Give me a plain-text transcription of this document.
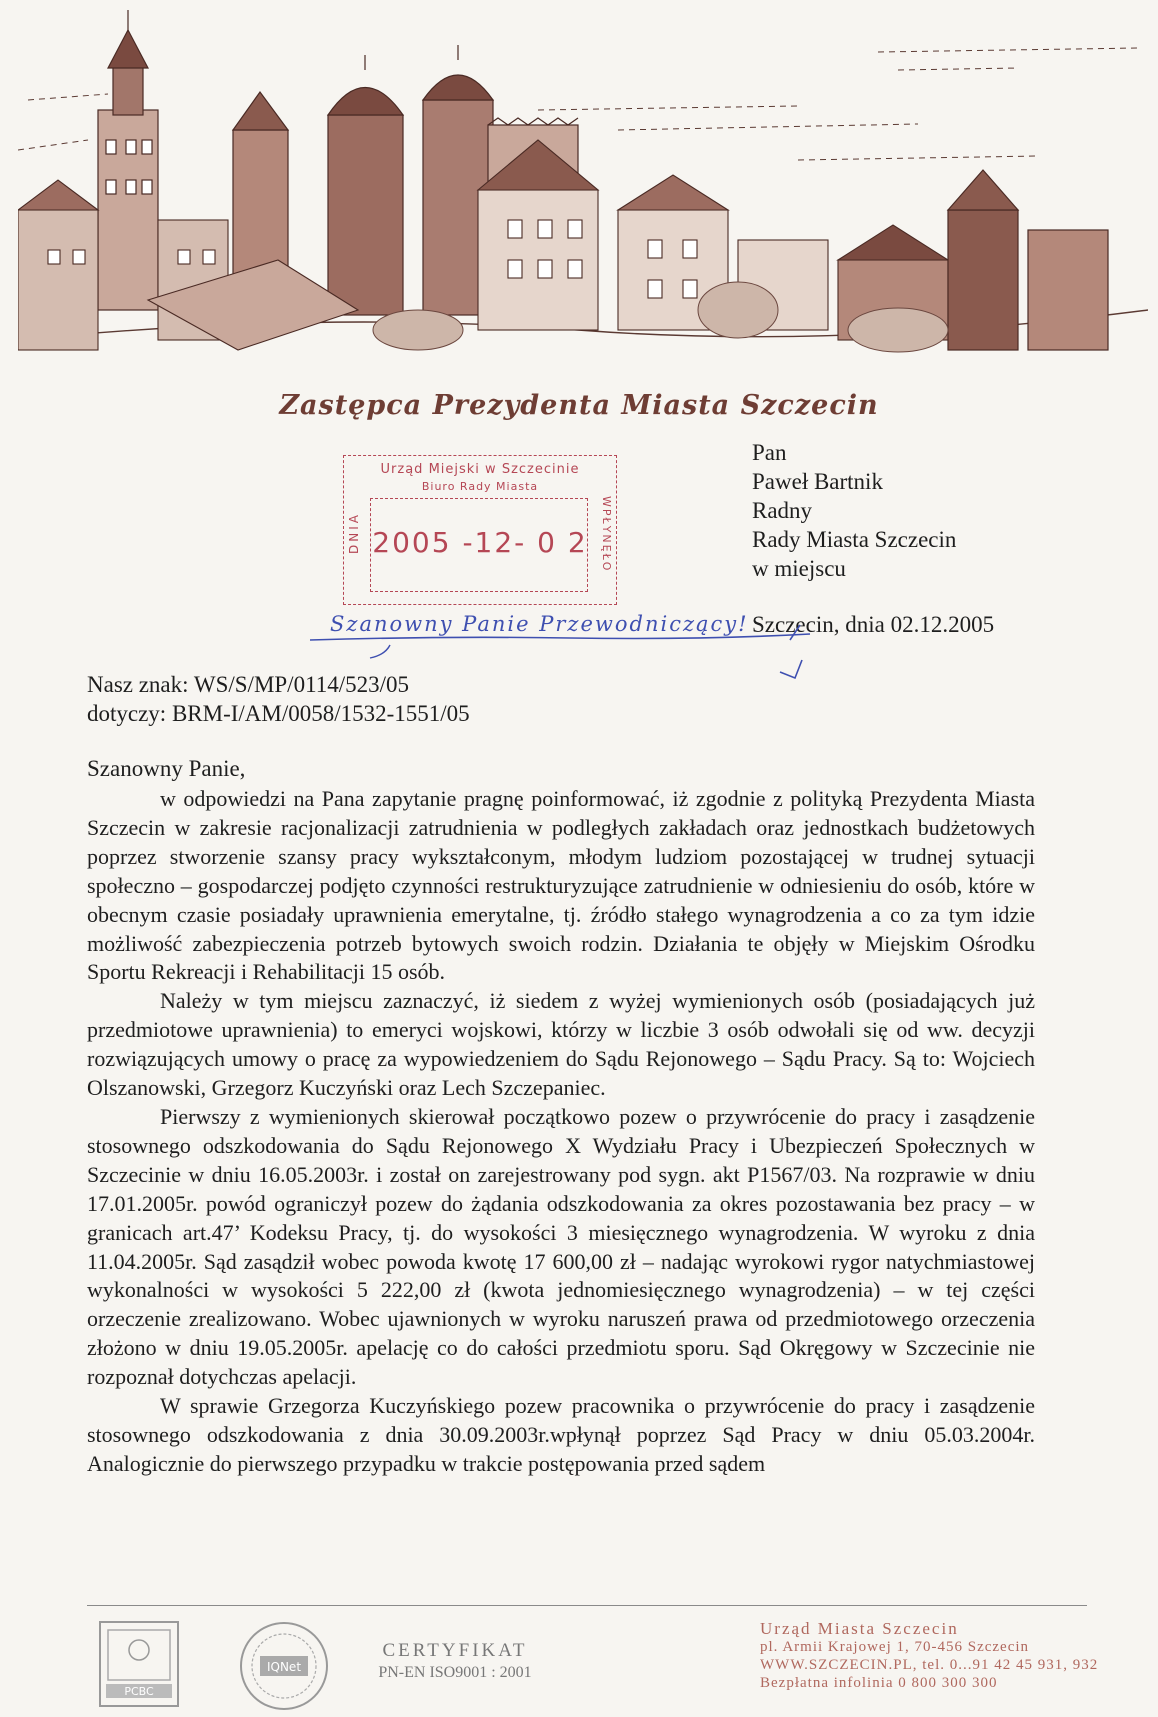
Zastępca Prezydenta Miasta Szczecin
Urząd Miejski w Szczecinie
Biuro Rady Miasta
DNIA 2005 -12- 0 2	WPŁYNĘŁO
Pan
Paweł Bartnik
Radny
Rady Miasta Szczecin
w miejscu
Szczecin, dnia 02.12.2005
Szanowny Panie Przewodniczący!
Nasz znak: WS/S/MP/0114/523/05
dotyczy: BRM-I/AM/0058/1532-1551/05
Szanowny Panie,

w odpowiedzi na Pana zapytanie pragnę poinformować, iż zgodnie z polityką Prezydenta Miasta Szczecin w zakresie racjonalizacji zatrudnienia w podległych zakładach oraz jednostkach budżetowych poprzez stworzenie szansy pracy wykształconym, młodym ludziom pozostającej w trudnej sytuacji społeczno – gospodarczej podjęto czynności restrukturyzujące zatrudnienie w odniesieniu do osób, które w obecnym czasie posiadały uprawnienia emerytalne, tj. źródło stałego wynagrodzenia a co za tym idzie możliwość zabezpieczenia potrzeb bytowych swoich rodzin. Działania te objęły w Miejskim Ośrodku Sportu Rekreacji i Rehabilitacji 15 osób.

Należy w tym miejscu zaznaczyć, iż siedem z wyżej wymienionych osób (posiadających już przedmiotowe uprawnienia) to emeryci wojskowi, którzy w liczbie 3 osób odwołali się od ww. decyzji rozwiązujących umowy o pracę za wypowiedzeniem do Sądu Rejonowego – Sądu Pracy. Są to: Wojciech Olszanowski, Grzegorz Kuczyński oraz Lech Szczepaniec.

Pierwszy z wymienionych skierował początkowo pozew o przywrócenie do pracy i zasądzenie stosownego odszkodowania do Sądu Rejonowego X Wydziału Pracy i Ubezpieczeń Społecznych w Szczecinie w dniu 16.05.2003r. i został on zarejestrowany pod sygn. akt P1567/03. Na rozprawie w dniu 17.01.2005r. powód ograniczył pozew do żądania odszkodowania za okres pozostawania bez pracy – w granicach art.47’ Kodeksu Pracy, tj. do wysokości 3 miesięcznego wynagrodzenia. W wyroku z dnia 11.04.2005r. Sąd zasądził wobec powoda kwotę 17 600,00 zł – nadając wyrokowi rygor natychmiastowej wykonalności w wysokości 5 222,00 zł (kwota jednomiesięcznego wynagrodzenia) – w tej części orzeczenie zrealizowano. Wobec ujawnionych w wyroku naruszeń prawa od przedmiotowego orzeczenia złożono w dniu 19.05.2005r. apelację co do całości przedmiotu sporu. Sąd Okręgowy w Szczecinie nie rozpoznał dotychczas apelacji.

W sprawie Grzegorza Kuczyńskiego pozew pracownika o przywrócenie do pracy i zasądzenie stosownego odszkodowania z dnia 30.09.2003r.wpłynął poprzez Sąd Pracy w dniu 05.03.2004r. Analogicznie do pierwszego przypadku w trakcie postępowania przed sądem

PCBC
IQNet
CERTYFIKAT
PN-EN ISO9001 : 2001
Urząd Miasta Szczecin
pl. Armii Krajowej 1, 70-456 Szczecin
WWW.SZCZECIN.PL, tel. 0...91 42 45 931, 932
Bezpłatna infolinia 0 800 300 300
